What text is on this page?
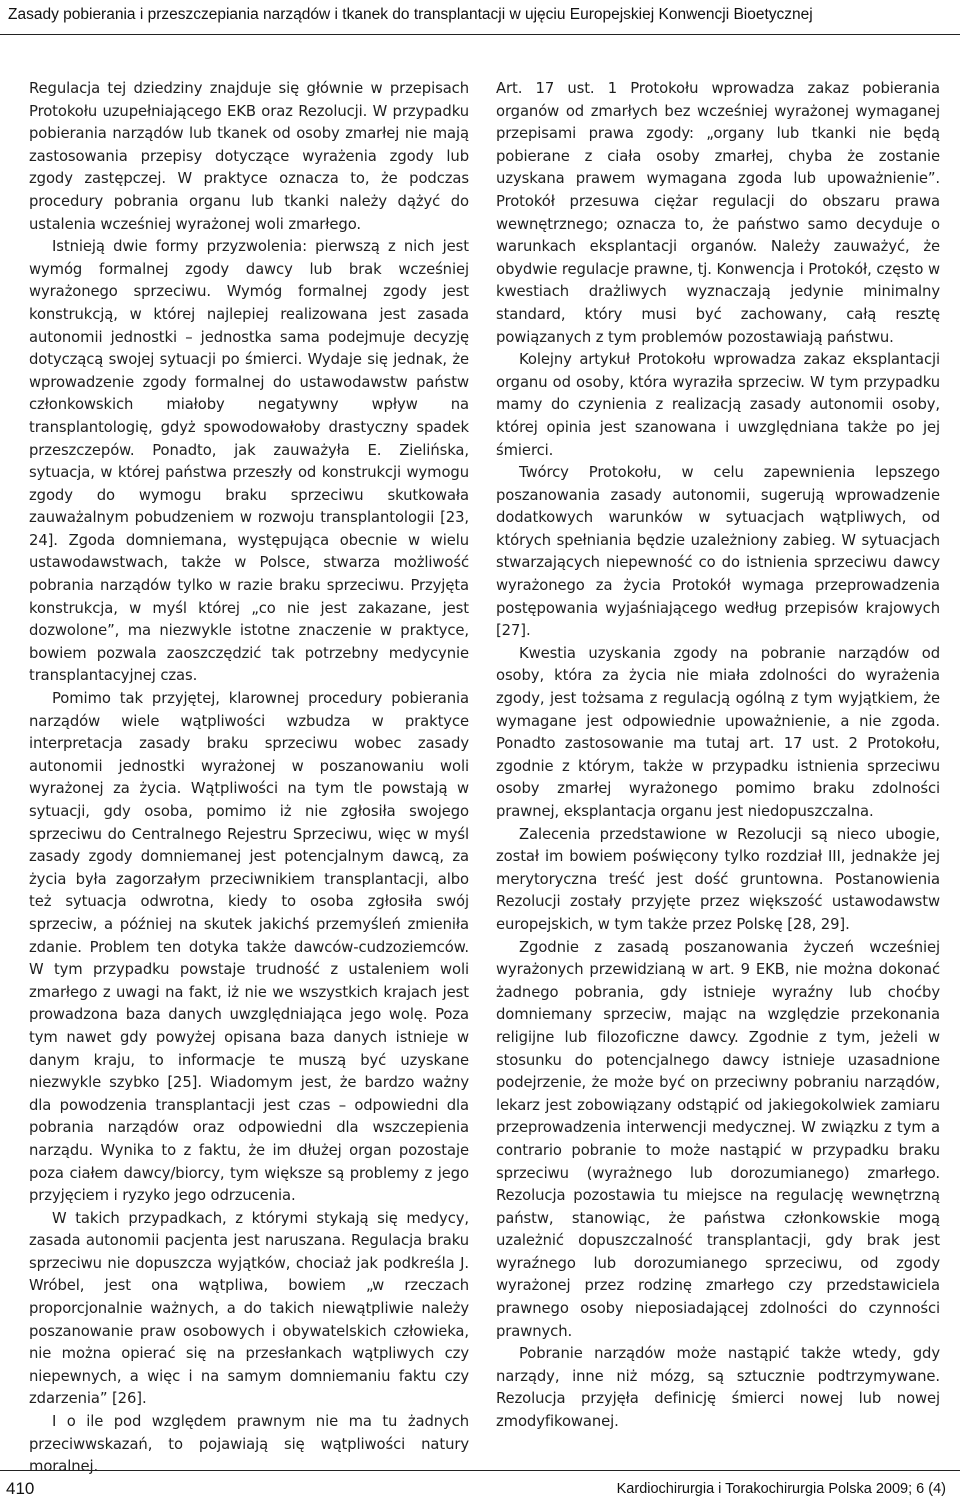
Zasady pobierania i przeszczepiania narządów i tkanek do transplantacji w ujęciu Europejskiej Konwencji Bioetycznej

Regulacja tej dziedziny znajduje się głównie w przepisach Protokołu uzupełniającego EKB oraz Rezolucji. W przypadku pobierania narządów lub tkanek od osoby zmarłej nie mają zastosowania przepisy dotyczące wyrażenia zgody lub zgody zastępczej. W praktyce oznacza to, że podczas procedury pobrania organu lub tkanki należy dążyć do ustalenia wcześniej wyrażonej woli zmarłego.

Istnieją dwie formy przyzwolenia: pierwszą z nich jest wymóg formalnej zgody dawcy lub brak wcześniej wyrażonego sprzeciwu. Wymóg formalnej zgody jest konstrukcją, w której najlepiej realizowana jest zasada autonomii jednostki – jednostka sama podejmuje decyzję dotyczącą swojej sytuacji po śmierci. Wydaje się jednak, że wprowadzenie zgody formalnej do ustawodawstw państw członkowskich miałoby negatywny wpływ na transplantologię, gdyż spowodowałoby drastyczny spadek przeszczepów. Ponadto, jak zauważyła E. Zielińska, sytuacja, w której państwa przeszły od konstrukcji wymogu zgody do wymogu braku sprzeciwu skutkowała zauważalnym pobudzeniem w rozwoju transplantologii [23, 24]. Zgoda domniemana, występująca obecnie w wielu ustawodawstwach, także w Polsce, stwarza możliwość pobrania narządów tylko w razie braku sprzeciwu. Przyjęta konstrukcja, w myśl której „co nie jest zakazane, jest dozwolone”, ma niezwykle istotne znaczenie w praktyce, bowiem pozwala zaoszczędzić tak potrzebny medycynie transplantacyjnej czas.

Pomimo tak przyjętej, klarownej procedury pobierania narządów wiele wątpliwości wzbudza w praktyce interpretacja zasady braku sprzeciwu wobec zasady autonomii jednostki wyrażonej w poszanowaniu woli wyrażonej za życia. Wątpliwości na tym tle powstają w sytuacji, gdy osoba, pomimo iż nie zgłosiła swojego sprzeciwu do Centralnego Rejestru Sprzeciwu, więc w myśl zasady zgody domniemanej jest potencjalnym dawcą, za życia była zagorzałym przeciwnikiem transplantacji, albo też sytuacja odwrotna, kiedy to osoba zgłosiła swój sprzeciw, a później na skutek jakichś przemyśleń zmieniła zdanie. Problem ten dotyka także dawców-cudzoziemców. W tym przypadku powstaje trudność z ustaleniem woli zmarłego z uwagi na fakt, iż nie we wszystkich krajach jest prowadzona baza danych uwzględniająca jego wolę. Poza tym nawet gdy powyżej opisana baza danych istnieje w danym kraju, to informacje te muszą być uzyskane niezwykle szybko [25]. Wiadomym jest, że bardzo ważny dla powodzenia transplantacji jest czas – odpowiedni dla pobrania narządów oraz odpowiedni dla wszczepienia narządu. Wynika to z faktu, że im dłużej organ pozostaje poza ciałem dawcy/biorcy, tym większe są problemy z jego przyjęciem i ryzyko jego odrzucenia.

W takich przypadkach, z którymi stykają się medycy, zasada autonomii pacjenta jest naruszana. Regulacja braku sprzeciwu nie dopuszcza wyjątków, chociaż jak podkreśla J. Wróbel, jest ona wątpliwa, bowiem „w rzeczach proporcjonalnie ważnych, a do takich niewątpliwie należy poszanowanie praw osobowych i obywatelskich człowieka, nie można opierać się na przesłankach wątpliwych czy niepewnych, a więc i na samym domniemaniu faktu czy zdarzenia” [26].

I o ile pod względem prawnym nie ma tu żadnych przeciwwskazań, to pojawiają się wątpliwości natury moralnej.

Art. 17 ust. 1 Protokołu wprowadza zakaz pobierania organów od zmarłych bez wcześniej wyrażonej wymaganej przepisami prawa zgody: „organy lub tkanki nie będą pobierane z ciała osoby zmarłej, chyba że zostanie uzyskana prawem wymagana zgoda lub upoważnienie”. Protokół przesuwa ciężar regulacji do obszaru prawa wewnętrznego; oznacza to, że państwo samo decyduje o warunkach eksplantacji organów. Należy zauważyć, że obydwie regulacje prawne, tj. Konwencja i Protokół, często w kwestiach drażliwych wyznaczają jedynie minimalny standard, który musi być zachowany, całą resztę powiązanych z tym problemów pozostawiają państwu.

Kolejny artykuł Protokołu wprowadza zakaz eksplantacji organu od osoby, która wyraziła sprzeciw. W tym przypadku mamy do czynienia z realizacją zasady autonomii osoby, której opinia jest szanowana i uwzględniana także po jej śmierci.

Twórcy Protokołu, w celu zapewnienia lepszego poszanowania zasady autonomii, sugerują wprowadzenie dodatkowych warunków w sytuacjach wątpliwych, od których spełniania będzie uzależniony zabieg. W sytuacjach stwarzających niepewność co do istnienia sprzeciwu dawcy wyrażonego za życia Protokół wymaga przeprowadzenia postępowania wyjaśniającego według przepisów krajowych [27].

Kwestia uzyskania zgody na pobranie narządów od osoby, która za życia nie miała zdolności do wyrażenia zgody, jest tożsama z regulacją ogólną z tym wyjątkiem, że wymagane jest odpowiednie upoważnienie, a nie zgoda. Ponadto zastosowanie ma tutaj art. 17 ust. 2 Protokołu, zgodnie z którym, także w przypadku istnienia sprzeciwu osoby zmarłej wyrażonego pomimo braku zdolności prawnej, eksplantacja organu jest niedopuszczalna.

Zalecenia przedstawione w Rezolucji są nieco ubogie, został im bowiem poświęcony tylko rozdział III, jednakże jej merytoryczna treść jest dość gruntowna. Postanowienia Rezolucji zostały przyjęte przez większość ustawodawstw europejskich, w tym także przez Polskę [28, 29].

Zgodnie z zasadą poszanowania życzeń wcześniej wyrażonych przewidzianą w art. 9 EKB, nie można dokonać żadnego pobrania, gdy istnieje wyraźny lub choćby domniemany sprzeciw, mając na względzie przekonania religijne lub filozoficzne dawcy. Zgodnie z tym, jeżeli w stosunku do potencjalnego dawcy istnieje uzasadnione podejrzenie, że może być on przeciwny pobraniu narządów, lekarz jest zobowiązany odstąpić od jakiegokolwiek zamiaru przeprowadzenia interwencji medycznej. W związku z tym a contrario pobranie to może nastąpić w przypadku braku sprzeciwu (wyrażnego lub dorozumianego) zmarłego. Rezolucja pozostawia tu miejsce na regulację wewnętrzną państw, stanowiąc, że państwa członkowskie mogą uzależnić dopuszczalność transplantacji, gdy brak jest wyraźnego lub dorozumianego sprzeciwu, od zgody wyrażonej przez rodzinę zmarłego czy przedstawiciela prawnego osoby nieposiadającej zdolności do czynności prawnych.

Pobranie narządów może nastąpić także wtedy, gdy narządy, inne niż mózg, są sztucznie podtrzymywane. Rezolucja przyjęła definicję śmierci nowej lub nowej zmodyfikowanej.

410	Kardiochirurgia i Torakochirurgia Polska 2009; 6 (4)
